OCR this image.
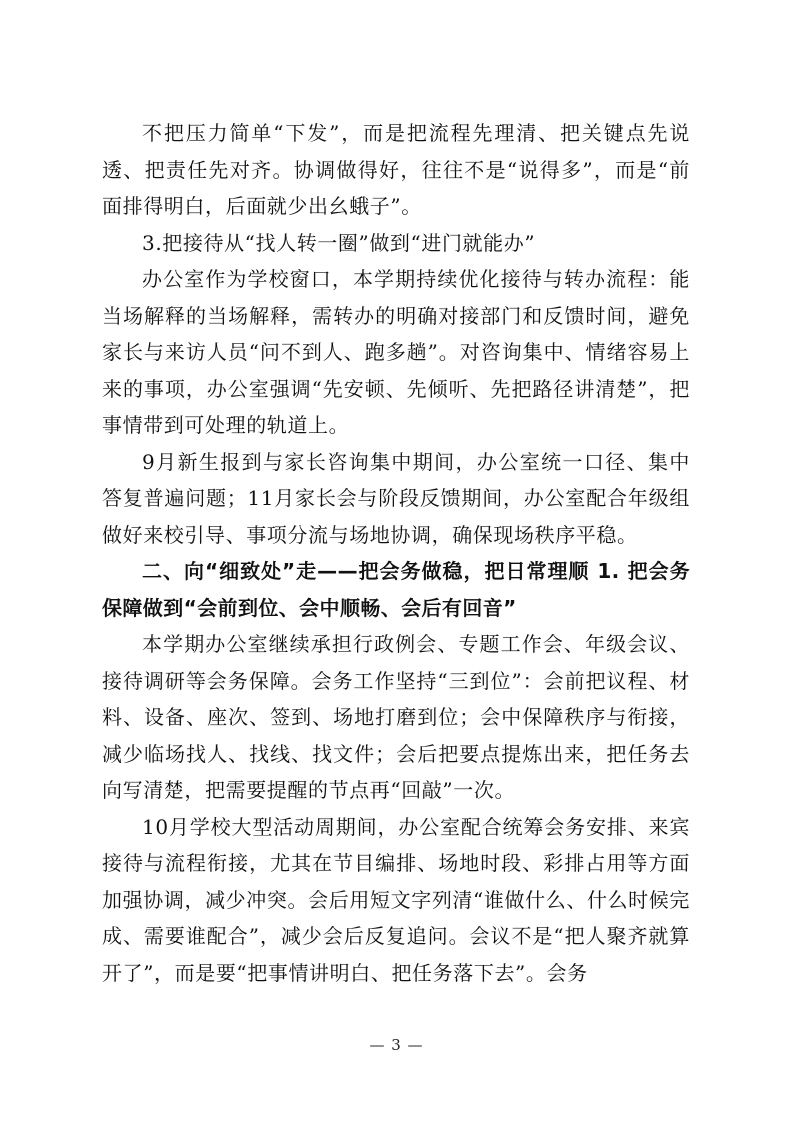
不把压力简单“下发”，而是把流程先理清、把关键点先说透、把责任先对齐。协调做得好，往往不是“说得多”，而是“前面排得明白，后面就少出幺蛾子”。

3.把接待从“找人转一圈”做到“进门就能办”

办公室作为学校窗口，本学期持续优化接待与转办流程：能当场解释的当场解释，需转办的明确对接部门和反馈时间，避免家长与来访人员“问不到人、跑多趟”。对咨询集中、情绪容易上来的事项，办公室强调“先安顿、先倾听、先把路径讲清楚”，把事情带到可处理的轨道上。

9月新生报到与家长咨询集中期间，办公室统一口径、集中答复普遍问题；11月家长会与阶段反馈期间，办公室配合年级组做好来校引导、事项分流与场地协调，确保现场秩序平稳。

二、向“细致处”走——把会务做稳，把日常理顺 1. 把会务保障做到“会前到位、会中顺畅、会后有回音”

本学期办公室继续承担行政例会、专题工作会、年级会议、接待调研等会务保障。会务工作坚持“三到位”：会前把议程、材料、设备、座次、签到、场地打磨到位；会中保障秩序与衔接，减少临场找人、找线、找文件；会后把要点提炼出来，把任务去向写清楚，把需要提醒的节点再“回敲”一次。

10月学校大型活动周期间，办公室配合统筹会务安排、来宾接待与流程衔接，尤其在节目编排、场地时段、彩排占用等方面加强协调，减少冲突。会后用短文字列清“谁做什么、什么时候完成、需要谁配合”，减少会后反复追问。会议不是“把人聚齐就算开了”，而是要“把事情讲明白、把任务落下去”。会务

— 3 —
